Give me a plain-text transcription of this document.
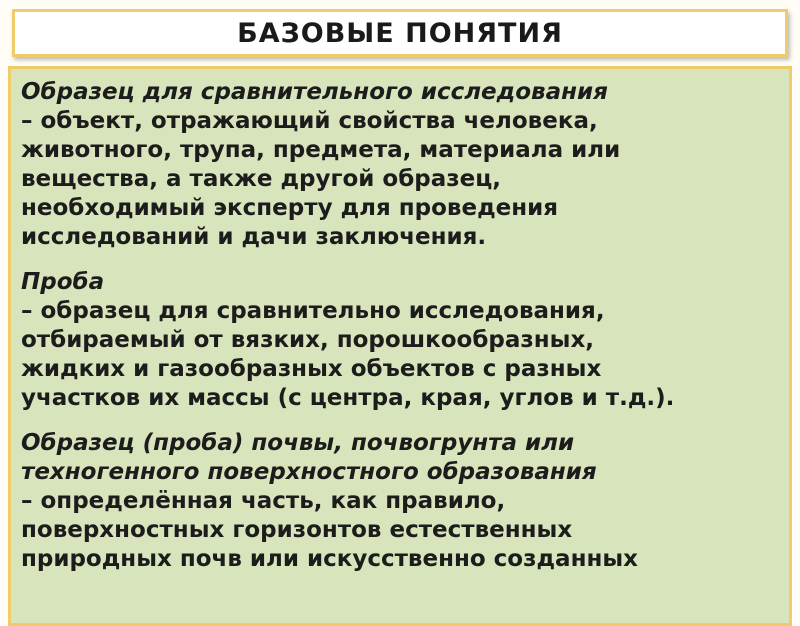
БАЗОВЫЕ ПОНЯТИЯ
Образец для сравнительного исследования
– объект, отражающий свойства человека,
животного, трупа, предмета, материала или
вещества, а также другой образец,
необходимый эксперту для проведения
исследований и дачи заключения.
Проба
– образец для сравнительно исследования,
отбираемый от вязких, порошкообразных,
жидких и газообразных объектов с разных
участков их массы (с центра, края, углов и т.д.).
Образец (проба) почвы, почвогрунта или
техногенного поверхностного образования
– определённая часть, как правило,
поверхностных горизонтов естественных
природных почв или искусственно созданных
